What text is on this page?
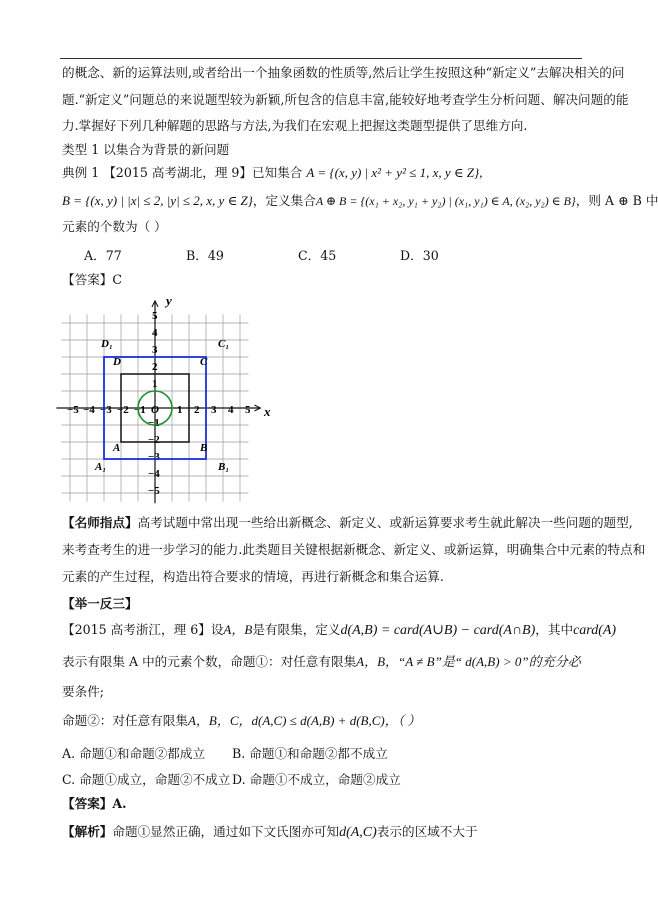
的概念、新的运算法则,或者给出一个抽象函数的性质等,然后让学生按照这种“新定义”去解决相关的问
题.“新定义”问题总的来说题型较为新颖,所包含的信息丰富,能较好地考查学生分析问题、解决问题的能
力.掌握好下列几种解题的思路与方法,为我们在宏观上把握这类题型提供了思维方向.
类型 1 以集合为背景的新问题
典例 1 【2015 高考湖北，理 9】已知集合 A = {(x, y) | x² + y² ≤ 1, x, y ∈ Z},
B = {(x, y) | |x| ≤ 2, |y| ≤ 2, x, y ∈ Z}，定义集合A ⊕ B = {(x₁ + x₂, y₁ + y₂) | (x₁, y₁) ∈ A, (x₂, y₂) ∈ B}，则 A ⊕ B 中
元素的个数为（ ）
A．77	B．49	C．45	D．30
【答案】C
−5 −4 −3 −2 −1	1 2 3 4 5
5
4
3
2
1
−1
−2
−3
−4
−5
x
y
O
D₁	C₁
D	C
A	B
A₁	B₁
【名师指点】高考试题中常出现一些给出新概念、新定义、或新运算要求考生就此解决一些问题的题型,
来考查考生的进一步学习的能力.此类题目关键根据新概念、新定义、或新运算，明确集合中元素的特点和
元素的产生过程，构造出符合要求的情境，再进行新概念和集合运算.
【举一反三】
【2015 高考浙江，理 6】设A，B是有限集，定义d(A,B) = card(A∪B) − card(A∩B)，其中card(A)
表示有限集 A 中的元素个数，命题①：对任意有限集A，B，“A ≠ B”是“ d(A,B) > 0”的充分必
要条件;
命题②：对任意有限集A，B，C，d(A,C) ≤ d(A,B) + d(B,C)，（ ）
A. 命题①和命题②都成立 B. 命题①和命题②都不成立
C. 命题①成立，命题②不成立 D. 命题①不成立，命题②成立
【答案】A.
【解析】命题①显然正确，通过如下文氏图亦可知d(A,C)表示的区域不大于
